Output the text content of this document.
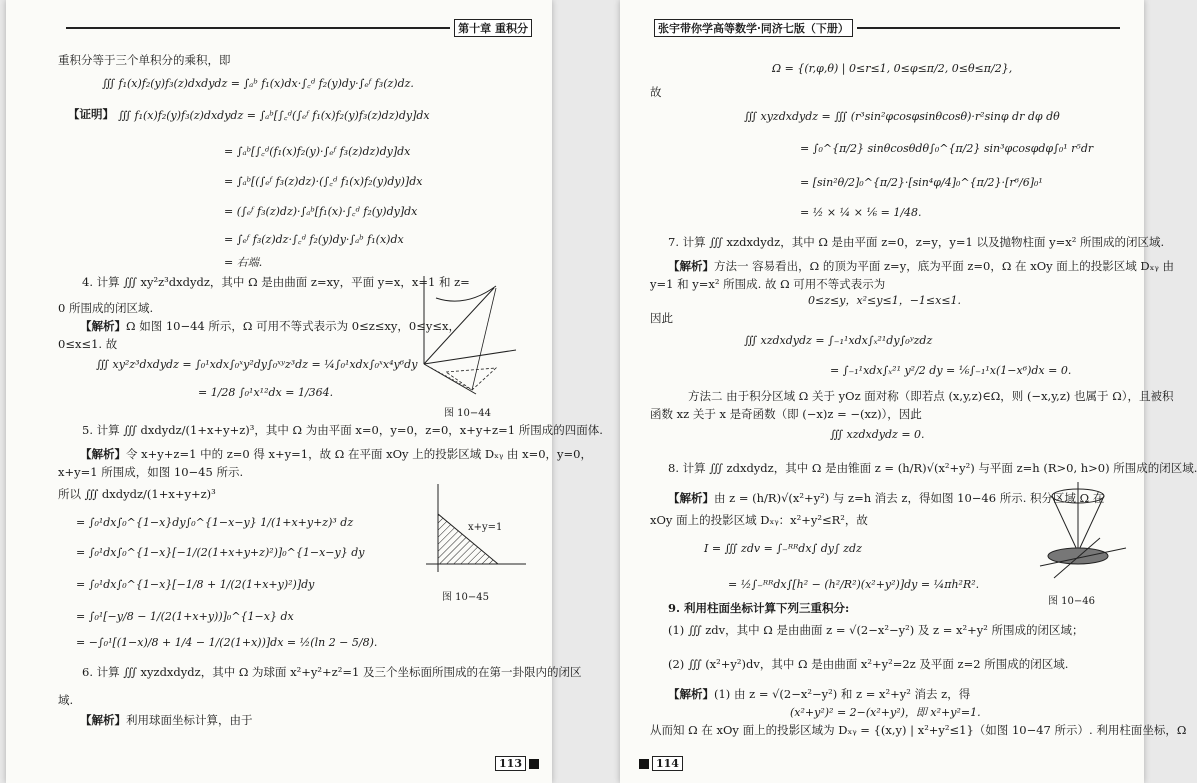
第十章 重积分
重积分等于三个单积分的乘积，即
∭ f₁(x)f₂(y)f₃(z)dxdydz = ∫ₐᵇ f₁(x)dx·∫꜀ᵈ f₂(y)dy·∫ₑᶠ f₃(z)dz.
【证明】 ∭ f₁(x)f₂(y)f₃(z)dxdydz = ∫ₐᵇ[∫꜀ᵈ(∫ₑᶠ f₁(x)f₂(y)f₃(z)dz)dy]dx
= ∫ₐᵇ[∫꜀ᵈ(f₁(x)f₂(y)·∫ₑᶠ f₃(z)dz)dy]dx
= ∫ₐᵇ[(∫ₑᶠ f₃(z)dz)·(∫꜀ᵈ f₁(x)f₂(y)dy)]dx
= (∫ₑᶠ f₃(z)dz)·∫ₐᵇ[f₁(x)·∫꜀ᵈ f₂(y)dy]dx
= ∫ₑᶠ f₃(z)dz·∫꜀ᵈ f₂(y)dy·∫ₐᵇ f₁(x)dx
= 右端.
4. 计算 ∭ xy²z³dxdydz，其中 Ω 是由曲面 z=xy，平面 y=x，x=1 和 z=
0 所围成的闭区域.
【解析】Ω 如图 10−44 所示，Ω 可用不等式表示为 0≤z≤xy，0≤y≤x，
0≤x≤1. 故
∭ xy²z³dxdydz = ∫₀¹xdx∫₀ˣy²dy∫₀ˣʸz³dz = ¼∫₀¹xdx∫₀ˣx⁴y⁶dy
= 1/28 ∫₀¹x¹²dx = 1/364.
图 10−44
5. 计算 ∭ dxdydz/(1+x+y+z)³，其中 Ω 为由平面 x=0，y=0，z=0，x+y+z=1 所围成的四面体.
【解析】令 x+y+z=1 中的 z=0 得 x+y=1，故 Ω 在平面 xOy 上的投影区域 Dₓᵧ 由 x=0，y=0，
x+y=1 所围成，如图 10−45 所示.
所以 ∭ dxdydz/(1+x+y+z)³
= ∫₀¹dx∫₀^{1−x}dy∫₀^{1−x−y} 1/(1+x+y+z)³ dz
= ∫₀¹dx∫₀^{1−x}[−1/(2(1+x+y+z)²)]₀^{1−x−y} dy
= ∫₀¹dx∫₀^{1−x}[−1/8 + 1/(2(1+x+y)²)]dy
= ∫₀¹[−y/8 − 1/(2(1+x+y))]₀^{1−x} dx
= −∫₀¹[(1−x)/8 + 1/4 − 1/(2(1+x))]dx = ½(ln 2 − 5/8).
x+y=1
图 10−45
6. 计算 ∭ xyzdxdydz，其中 Ω 为球面 x²+y²+z²=1 及三个坐标面所围成的在第一卦限内的闭区
域.
【解析】利用球面坐标计算，由于
113
张宇带你学高等数学·同济七版（下册）
Ω = {(r,φ,θ) | 0≤r≤1, 0≤φ≤π/2, 0≤θ≤π/2},
故
∭ xyzdxdydz = ∭ (r³sin²φcosφsinθcosθ)·r²sinφ dr dφ dθ
= ∫₀^{π/2} sinθcosθdθ∫₀^{π/2} sin³φcosφdφ∫₀¹ r⁵dr
= [sin²θ/2]₀^{π/2}·[sin⁴φ/4]₀^{π/2}·[r⁶/6]₀¹
= ½ × ¼ × ⅙ = 1/48.
7. 计算 ∭ xzdxdydz，其中 Ω 是由平面 z=0，z=y，y=1 以及抛物柱面 y=x² 所围成的闭区域.
【解析】方法一 容易看出，Ω 的顶为平面 z=y，底为平面 z=0，Ω 在 xOy 面上的投影区域 Dₓᵧ 由
y=1 和 y=x² 所围成. 故 Ω 可用不等式表示为
0≤z≤y，x²≤y≤1，−1≤x≤1.
因此
∭ xzdxdydz = ∫₋₁¹xdx∫ₓ²¹dy∫₀ʸzdz
= ∫₋₁¹xdx∫ₓ²¹ y²/2 dy = ⅙∫₋₁¹x(1−x⁶)dx = 0.
方法二 由于积分区域 Ω 关于 yOz 面对称（即若点 (x,y,z)∈Ω，则 (−x,y,z) 也属于 Ω），且被积
函数 xz 关于 x 是奇函数（即 (−x)z = −(xz)），因此
∭ xzdxdydz = 0.
8. 计算 ∭ zdxdydz，其中 Ω 是由锥面 z = (h/R)√(x²+y²) 与平面 z=h (R>0, h>0) 所围成的闭区域.
【解析】由 z = (h/R)√(x²+y²) 与 z=h 消去 z，得如图 10−46 所示. 积分区域 Ω 在
xOy 面上的投影区域 Dₓᵧ：x²+y²≤R²，故
I = ∭ zdv = ∫₋ᴿᴿdx∫ dy∫ zdz
= ½∫₋ᴿᴿdx∫[h² − (h²/R²)(x²+y²)]dy = ¼πh²R².
图 10−46
9. 利用柱面坐标计算下列三重积分:
(1) ∭ zdv，其中 Ω 是由曲面 z = √(2−x²−y²) 及 z = x²+y² 所围成的闭区域；
(2) ∭ (x²+y²)dv，其中 Ω 是由曲面 x²+y²=2z 及平面 z=2 所围成的闭区域.
【解析】(1) 由 z = √(2−x²−y²) 和 z = x²+y² 消去 z，得
(x²+y²)² = 2−(x²+y²)，即 x²+y²=1.
从而知 Ω 在 xOy 面上的投影区域为 Dₓᵧ = {(x,y) | x²+y²≤1}（如图 10−47 所示）. 利用柱面坐标，Ω
114
